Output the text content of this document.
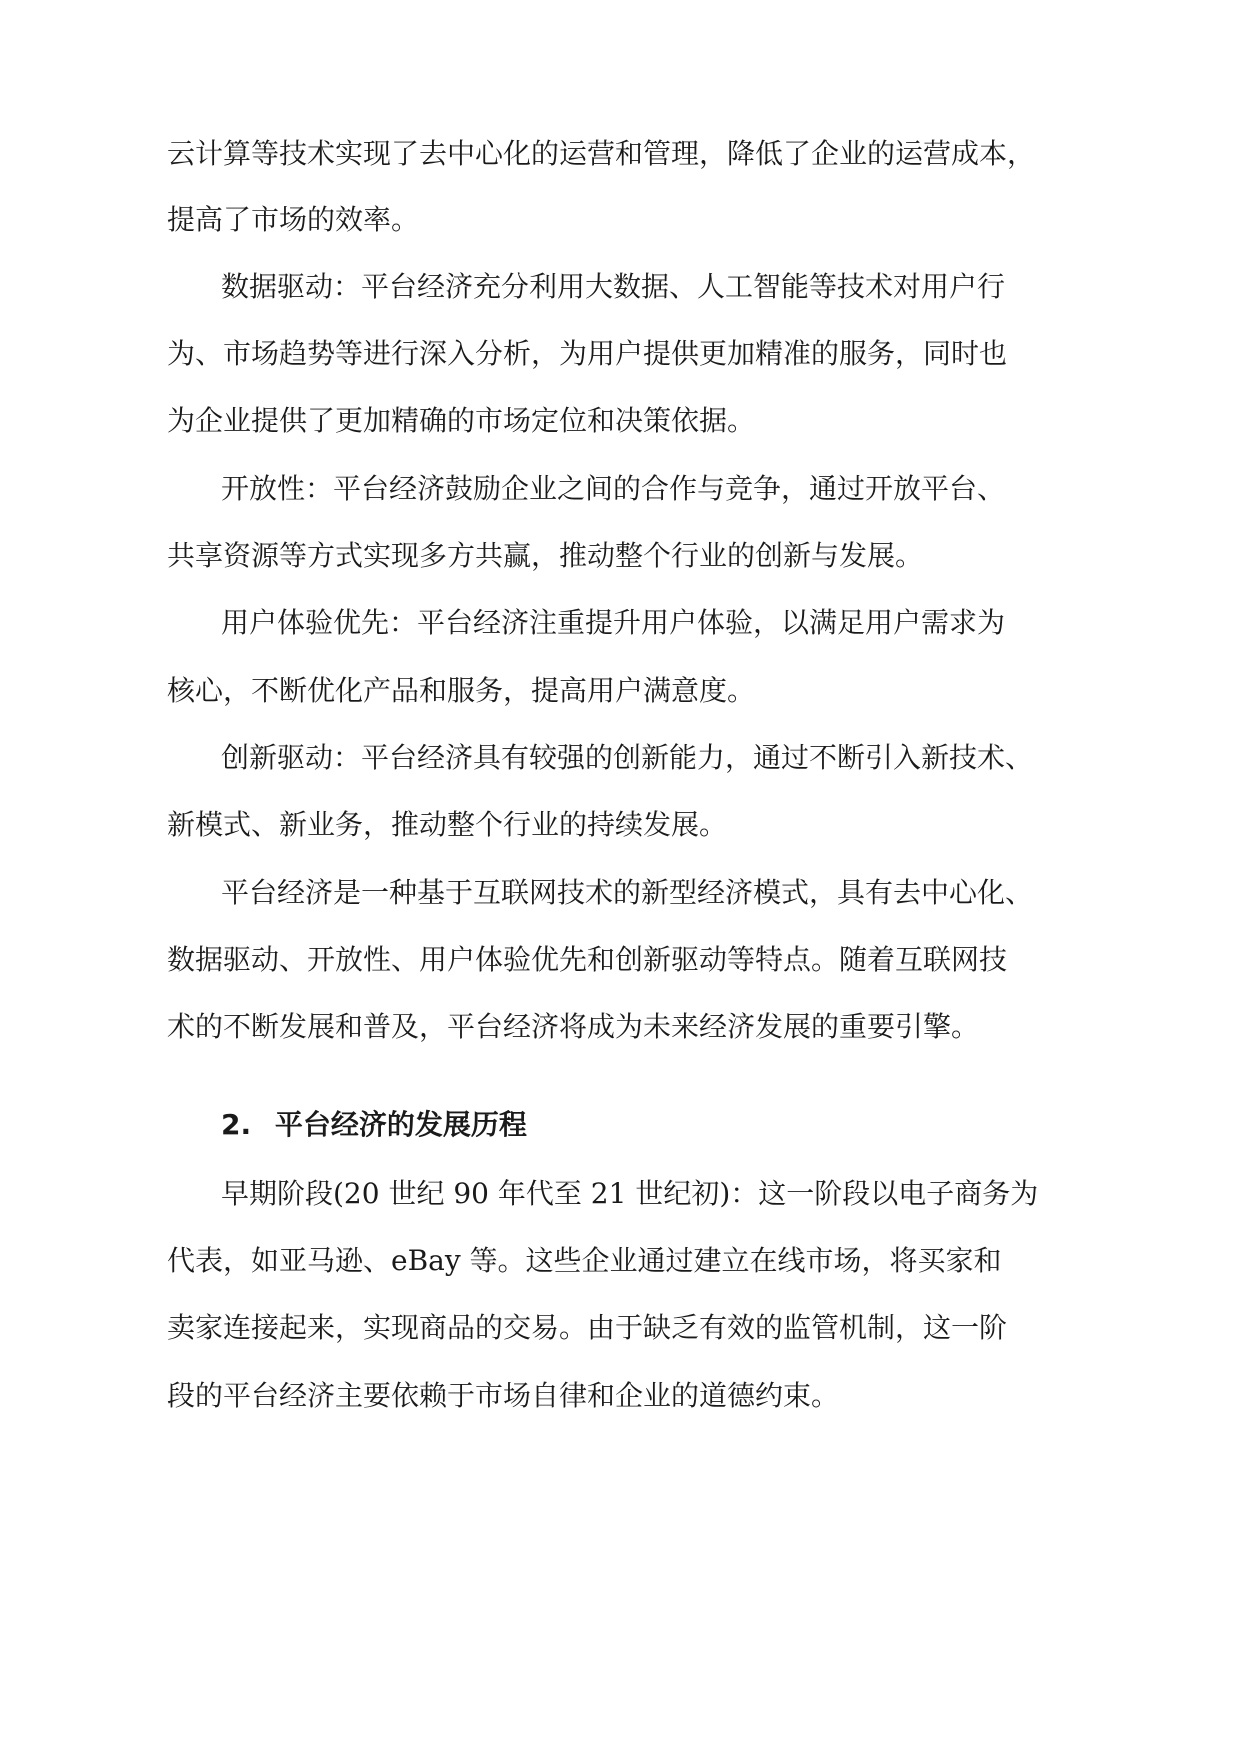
云计算等技术实现了去中心化的运营和管理，降低了企业的运营成本，
提高了市场的效率。
数据驱动：平台经济充分利用大数据、人工智能等技术对用户行
为、市场趋势等进行深入分析，为用户提供更加精准的服务，同时也
为企业提供了更加精确的市场定位和决策依据。
开放性：平台经济鼓励企业之间的合作与竞争，通过开放平台、
共享资源等方式实现多方共赢，推动整个行业的创新与发展。
用户体验优先：平台经济注重提升用户体验，以满足用户需求为
核心，不断优化产品和服务，提高用户满意度。
创新驱动：平台经济具有较强的创新能力，通过不断引入新技术、
新模式、新业务，推动整个行业的持续发展。
平台经济是一种基于互联网技术的新型经济模式，具有去中心化、
数据驱动、开放性、用户体验优先和创新驱动等特点。随着互联网技
术的不断发展和普及，平台经济将成为未来经济发展的重要引擎。
2. 平台经济的发展历程
早期阶段(20 世纪 90 年代至 21 世纪初)：这一阶段以电子商务为
代表，如亚马逊、eBay 等。这些企业通过建立在线市场，将买家和
卖家连接起来，实现商品的交易。由于缺乏有效的监管机制，这一阶
段的平台经济主要依赖于市场自律和企业的道德约束。
